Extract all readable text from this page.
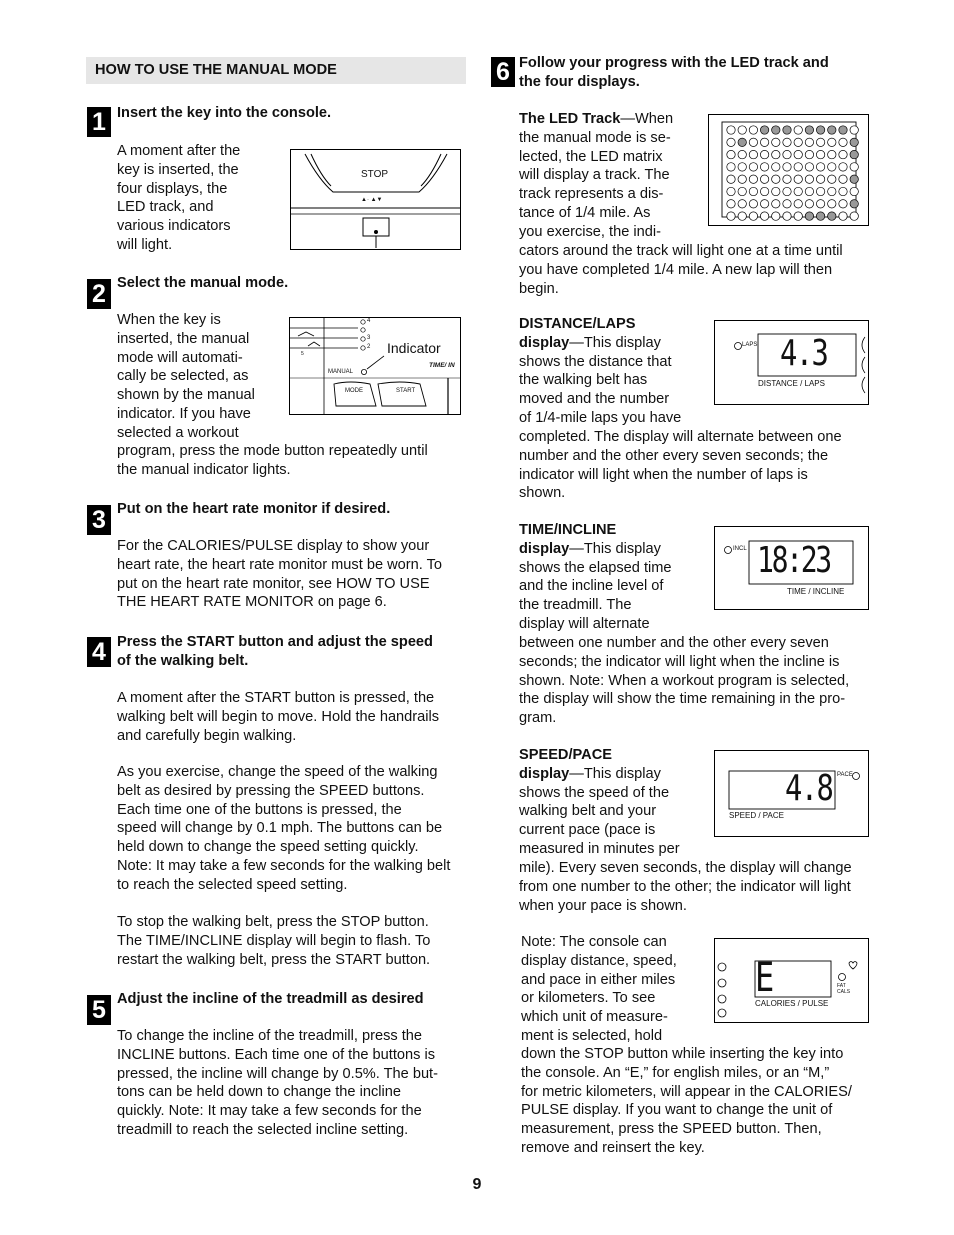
HOW TO USE THE MANUAL MODE
1 Insert the key into the console.

A moment after the

key is inserted, the

four displays, the

LED track, and

various indicators

will light.

STOP
▲· ▲▼
2 Select the manual mode.

When the key is

inserted, the manual

mode will automati-

cally be selected, as

shown by the manual

indicator. If you have

selected a workout

program, press the mode button repeatedly until

the manual indicator lights.

4
3
2
5	Indicator
MANUAL
TIME/ IN
MODE	START
3 Put on the heart rate monitor if desired.

For the CALORIES/PULSE display to show your

heart rate, the heart rate monitor must be worn. To

put on the heart rate monitor, see HOW TO USE

THE HEART RATE MONITOR on page 6.

4 Press the START button and adjust the speed

of the walking belt.

A moment after the START button is pressed, the

walking belt will begin to move. Hold the handrails

and carefully begin walking.

As you exercise, change the speed of the walking

belt as desired by pressing the SPEED buttons.

Each time one of the buttons is pressed, the

speed will change by 0.1 mph. The buttons can be

held down to change the speed setting quickly.

Note: It may take a few seconds for the walking belt

to reach the selected speed setting.

To stop the walking belt, press the STOP button.

The TIME/INCLINE display will begin to flash. To

restart the walking belt, press the START button.

5 Adjust the incline of the treadmill as desired

To change the incline of the treadmill, press the

INCLINE buttons. Each time one of the buttons is

pressed, the incline will change by 0.5%. The but-

tons can be held down to change the incline

quickly. Note: It may take a few seconds for the

treadmill to reach the selected incline setting.

6 Follow your progress with the LED track and

the four displays.

The LED Track—When

the manual mode is se-

lected, the LED matrix

will display a track. The

track represents a dis-

tance of 1/4 mile. As

you exercise, the indi-

cators around the track will light one at a time until

you have completed 1/4 mile. A new lap will then

begin.

DISTANCE/LAPS

display—This display

shows the distance that

the walking belt has

moved and the number

of 1/4-mile laps you have

completed. The display will alternate between one

number and the other every seven seconds; the

indicator will light when the number of laps is

shown.

LAPS 4.3
DISTANCE / LAPS

TIME/INCLINE

display—This display

shows the elapsed time

and the incline level of

the treadmill. The

display will alternate

between one number and the other every seven

seconds; the indicator will light when the incline is

shown. Note: When a workout program is selected,

the display will show the time remaining in the pro-

gram.

INCL 18:23
TIME / INCLINE

SPEED/PACE

display—This display

shows the speed of the

walking belt and your

current pace (pace is

measured in minutes per

mile). Every seven seconds, the display will change

from one number to the other; the indicator will light

when your pace is shown.

PACE
4.8
SPEED / PACE

Note: The console can

display distance, speed,

and pace in either miles

or kilometers. To see

which unit of measure-

ment is selected, hold

down the STOP button while inserting the key into

the console. An “E,” for english miles, or an “M,”

for metric kilometers, will appear in the CALORIES/

PULSE display. If you want to change the unit of

measurement, press the SPEED button. Then,

remove and reinsert the key.

E	FAT CALS
CALORIES / PULSE
9
